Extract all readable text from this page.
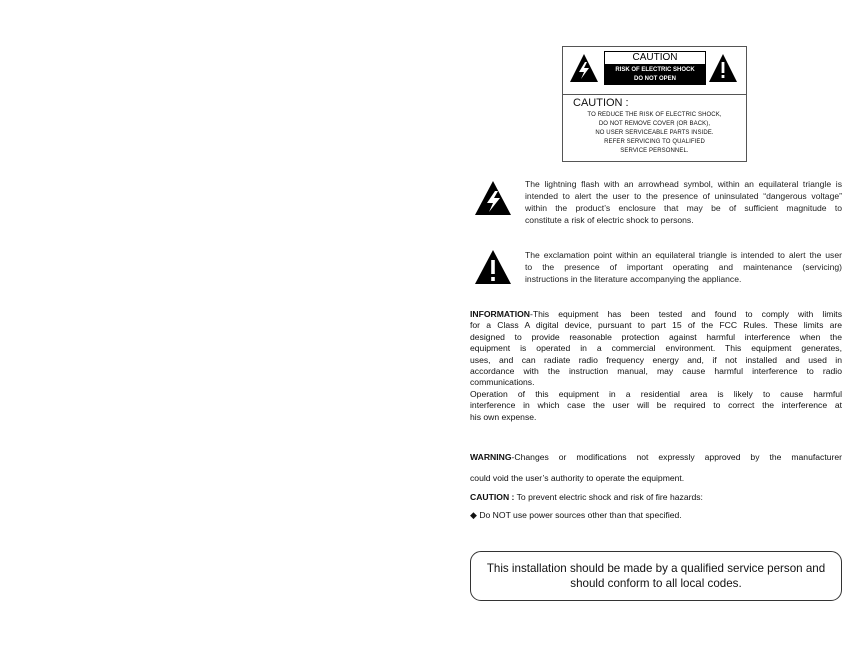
CAUTION
RISK OF ELECTRIC SHOCK
DO NOT OPEN
CAUTION :
TO REDUCE THE RISK OF ELECTRIC SHOCK,
DO NOT REMOVE COVER (OR BACK),
NO USER SERVICEABLE PARTS INSIDE.
REFER SERVICING TO QUALIFIED
SERVICE PERSONNEL.
The lightning flash with an arrowhead symbol, within an equilateral triangle is
intended to alert the user to the presence of uninsulated “dangerous voltage”
within the product’s enclosure that may be of sufficient magnitude to
constitute a risk of electric shock to persons.
The exclamation point within an equilateral triangle is intended to alert the user
to the presence of important operating and maintenance (servicing)
instructions in the literature accompanying the appliance.
INFORMATION-This equipment has been tested and found to comply with limits
for a Class A digital device, pursuant to part 15 of the FCC Rules. These limits are
designed to provide reasonable protection against harmful interference when the
equipment is operated in a commercial environment. This equipment generates,
uses, and can radiate radio frequency energy and, if not installed and used in
accordance with the instruction manual, may cause harmful interference to radio
communications.
Operation of this equipment in a residential area is likely to cause harmful
interference in which case the user will be required to correct the interference at
his own expense.
WARNING-Changes or modifications not expressly approved by the manufacturer
could void the user’s authority to operate the equipment.
CAUTION : To prevent electric shock and risk of fire hazards:
◆ Do NOT use power sources other than that specified.
This installation should be made by a qualified service person and
should conform to all local codes.
